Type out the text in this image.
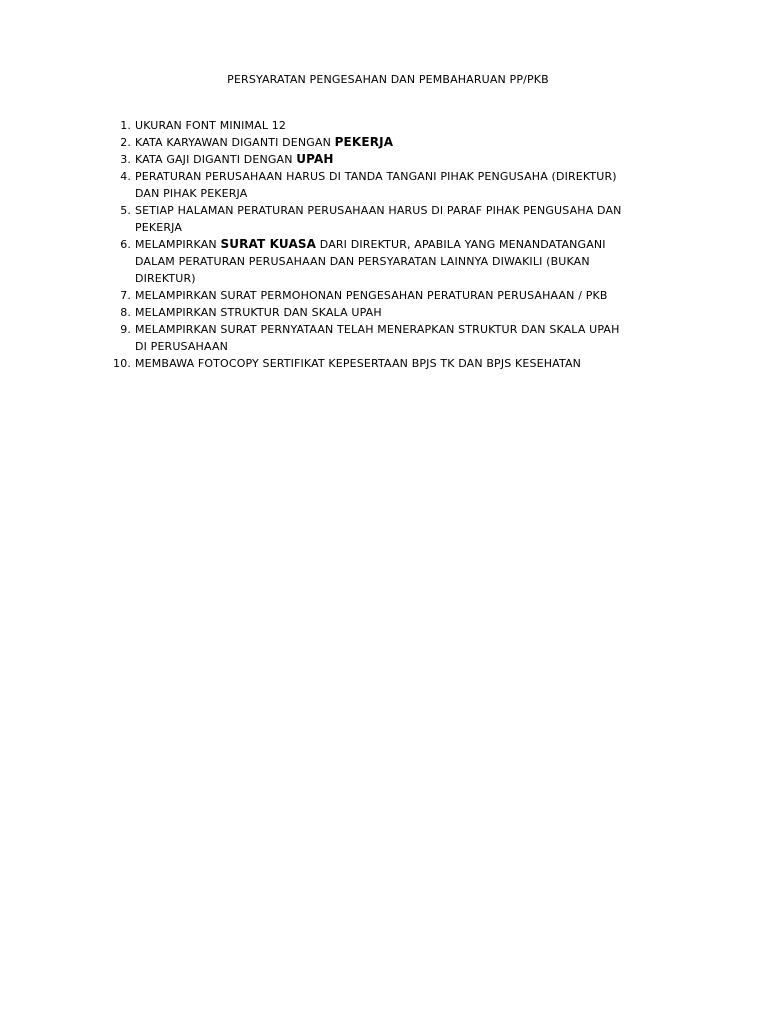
PERSYARATAN PENGESAHAN DAN PEMBAHARUAN PP/PKB
1. UKURAN FONT MINIMAL 12
2. KATA KARYAWAN DIGANTI DENGAN PEKERJA
3. KATA GAJI DIGANTI DENGAN UPAH
4. PERATURAN PERUSAHAAN HARUS DI TANDA TANGANI PIHAK PENGUSAHA (DIREKTUR)
DAN PIHAK PEKERJA
5. SETIAP HALAMAN PERATURAN PERUSAHAAN HARUS DI PARAF PIHAK PENGUSAHA DAN
PEKERJA
6. MELAMPIRKAN SURAT KUASA DARI DIREKTUR, APABILA YANG MENANDATANGANI
DALAM PERATURAN PERUSAHAAN DAN PERSYARATAN LAINNYA DIWAKILI (BUKAN
DIREKTUR)
7. MELAMPIRKAN SURAT PERMOHONAN PENGESAHAN PERATURAN PERUSAHAAN / PKB
8. MELAMPIRKAN STRUKTUR DAN SKALA UPAH
9. MELAMPIRKAN SURAT PERNYATAAN TELAH MENERAPKAN STRUKTUR DAN SKALA UPAH
DI PERUSAHAAN
10. MEMBAWA FOTOCOPY SERTIFIKAT KEPESERTAAN BPJS TK DAN BPJS KESEHATAN
